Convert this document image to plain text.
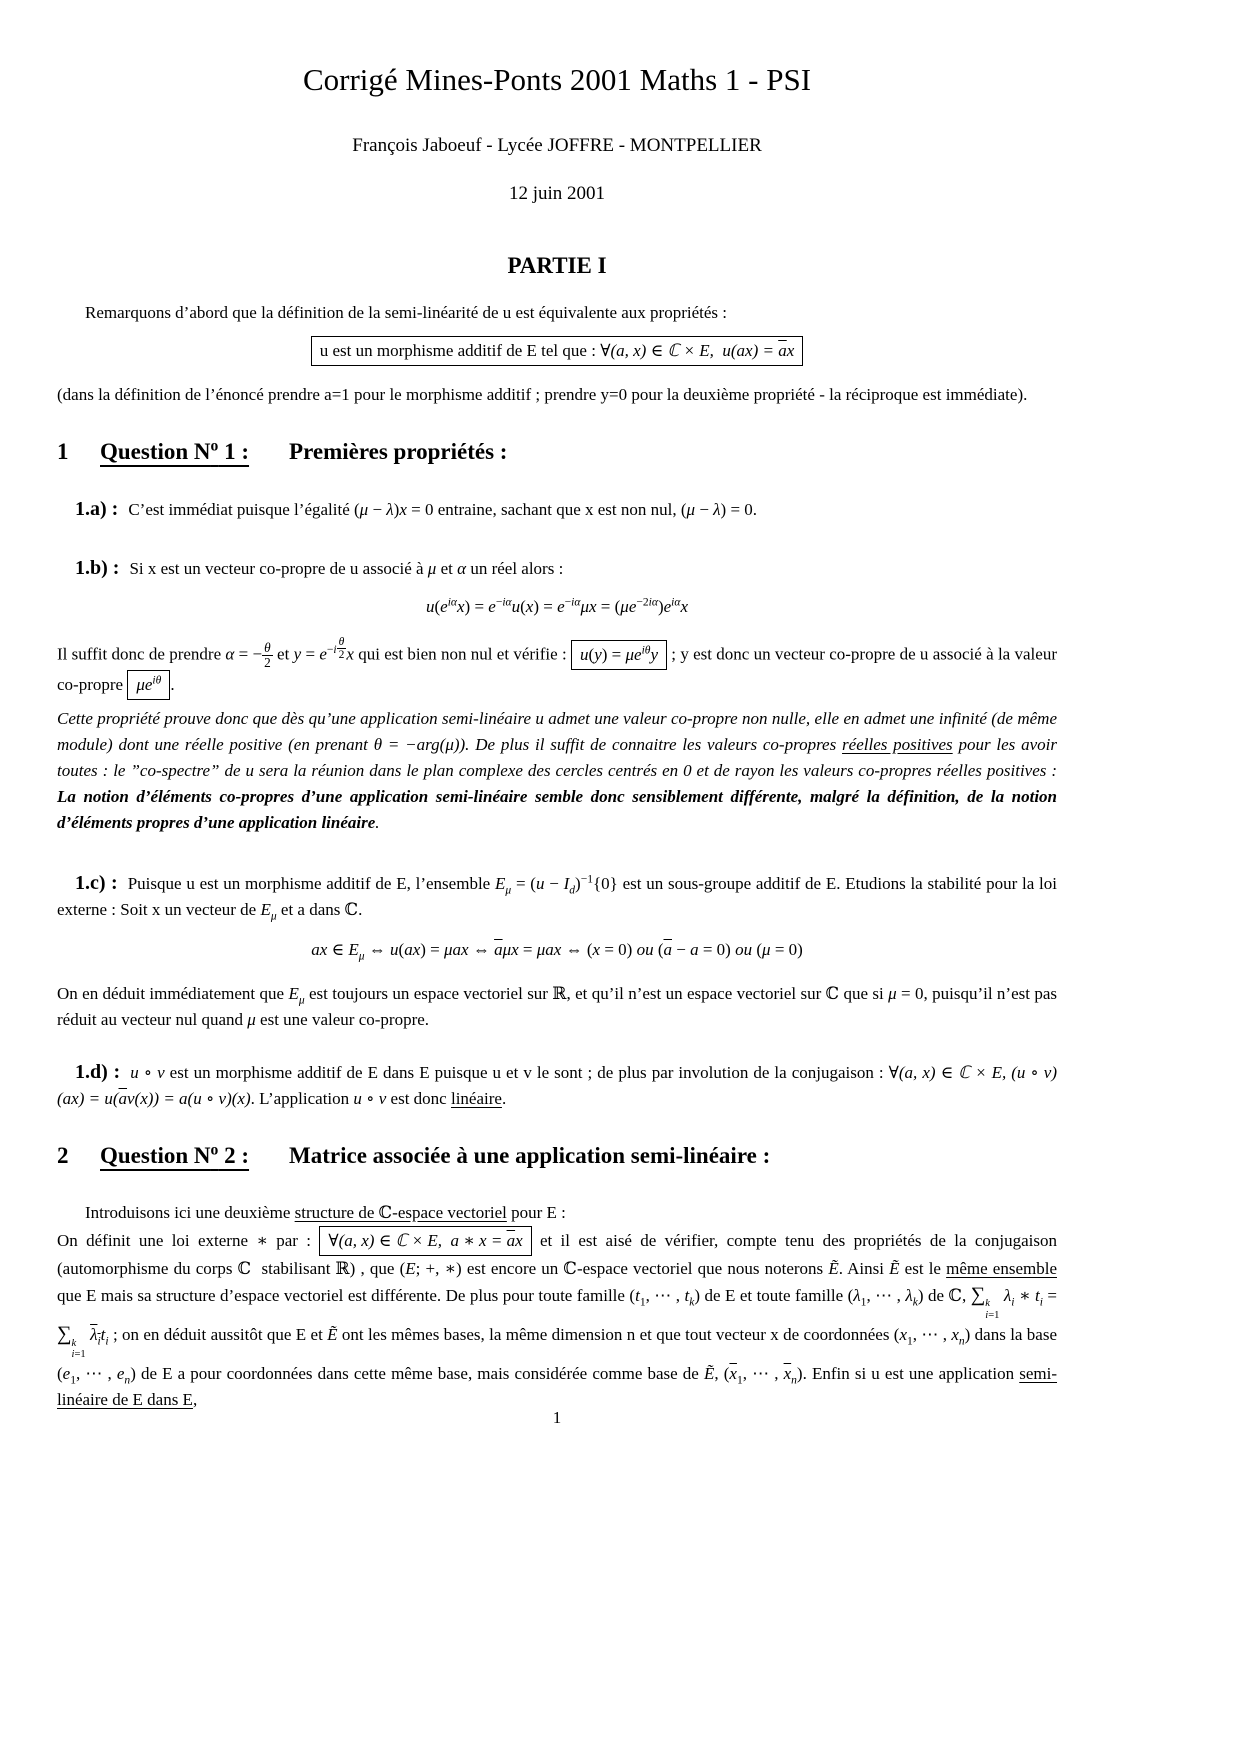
Corrigé Mines-Ponts 2001 Maths 1 - PSI
François Jaboeuf - Lycée JOFFRE - MONTPELLIER
12 juin 2001
PARTIE I

Remarquons d’abord que la définition de la semi-linéarité de u est équivalente aux propriétés :

u est un morphisme additif de E tel que : ∀(a, x) ∈ ℂ × E,  $u(ax) = \overline{a}x$

(dans la définition de l’énoncé prendre a=1 pour le morphisme additif ; prendre y=0 pour la deuxième propriété - la réciproque est immédiate).

1	Question $N^o$ 1 : Premières propriétés :

1.a) : C’est immédiat puisque l’égalité (μ − λ)x = 0 entraine, sachant que x est non nul, (μ − λ) = 0.

1.b) : Si x est un vecteur co-propre de u associé à μ et α un réel alors :

$u(e^{i\alpha}x) = e^{-i\alpha}u(x) = e^{-i\alpha}\mu x = (\mu e^{-2i\alpha})e^{i\alpha}x$

Il suffit donc de prendre α = − $\frac{\theta}{2}$ et $y = e^{-i \frac{\theta}{2}}$ x qui est bien non nul et vérifie : $u(y) = \mu e^{i\theta}y$ ; y est donc un vecteur co-propre de u associé à la valeur co-propre $\mu e^{i\theta}$ .

Cette propriété prouve donc que dès qu’une application semi-linéaire u admet une valeur co-propre non nulle, elle en admet une infinité (de même module) dont une réelle positive (en prenant θ = −arg(μ)). De plus il suffit de connaitre les valeurs co-propres réelles positives pour les avoir toutes : le ”co-spectre” de u sera la réunion dans le plan complexe des cercles centrés en 0 et de rayon les valeurs co-propres réelles positives : La notion d’éléments co-propres d’une application semi-linéaire semble donc sensiblement différente, malgré la définition, de la notion d’éléments propres d’une application linéaire.

1.c) : Puisque u est un morphisme additif de E, l’ensemble $E_\mu = (u - I_d)^{-1}\{0\}$ est un sous-groupe additif de E. Etudions la stabilité pour la loi externe : Soit x un vecteur de $E_\mu$ et a dans ℂ.

ax ∈ $E_\mu$ ⇔ u(ax) = μax ⇔ $\overline{a}\mu x = \mu ax$ ⇔ (x = 0) ou $(\overline{a} - a = 0)$ ou (μ = 0)

On en déduit immédiatement que $E_\mu$ est toujours un espace vectoriel sur ℝ, et qu’il n’est un espace vectoriel sur ℂ que si μ = 0, puisqu’il n’est pas réduit au vecteur nul quand μ est une valeur co-propre.

1.d) : u ∘ v est un morphisme additif de E dans E puisque u et v le sont ; de plus par involution de la conjugaison : ∀(a, x) ∈ ℂ × E, (u ∘ $v)(ax) = u(\overline{a}v(x)) = a(u$ ∘ v)(x). L’application u ∘ v est donc linéaire.

2	Question $N^o$ 2 : Matrice associée à une application semi-linéaire :

Introduisons ici une deuxième structure de ℂ-espace vectoriel pour E :

On définit une loi externe ∗ par : ∀(a, x) ∈ ℂ × E,  a ∗ $x = \overline{a}x$ et il est aisé de vérifier, compte tenu des propriétés de la conjugaison (automorphisme du corps ℂ  stabilisant ℝ) , que (E; +, ∗) est encore un ℂ-espace vectoriel que nous noterons Ẽ. Ainsi Ẽ est le même ensemble que E mais sa structure d’espace vectoriel est différente. De plus pour toute famille ($t_1$, ⋯ , $t_k$) de E et toute famille ($\lambda_1$, ⋯ , $\lambda_k$) de ℂ, ∑ k
i=1
$\lambda_i$ ∗ $t_i$ = ∑ k
i=1
$\lambda_it_i$ ; on en déduit aussitôt que E et Ẽ ont les mêmes bases, la même dimension n et que tout vecteur x de coordonnées ($x_1$, ⋯ , $x_n$) dans la base ($e_1$, ⋯ , $e_n$) de E a pour coordonnées dans cette même base, mais considérée comme base de Ẽ, ($\overline{x}_1$, ⋯ , $\overline{x}_n$). Enfin si u est une application semi-linéaire de E dans E,

1
